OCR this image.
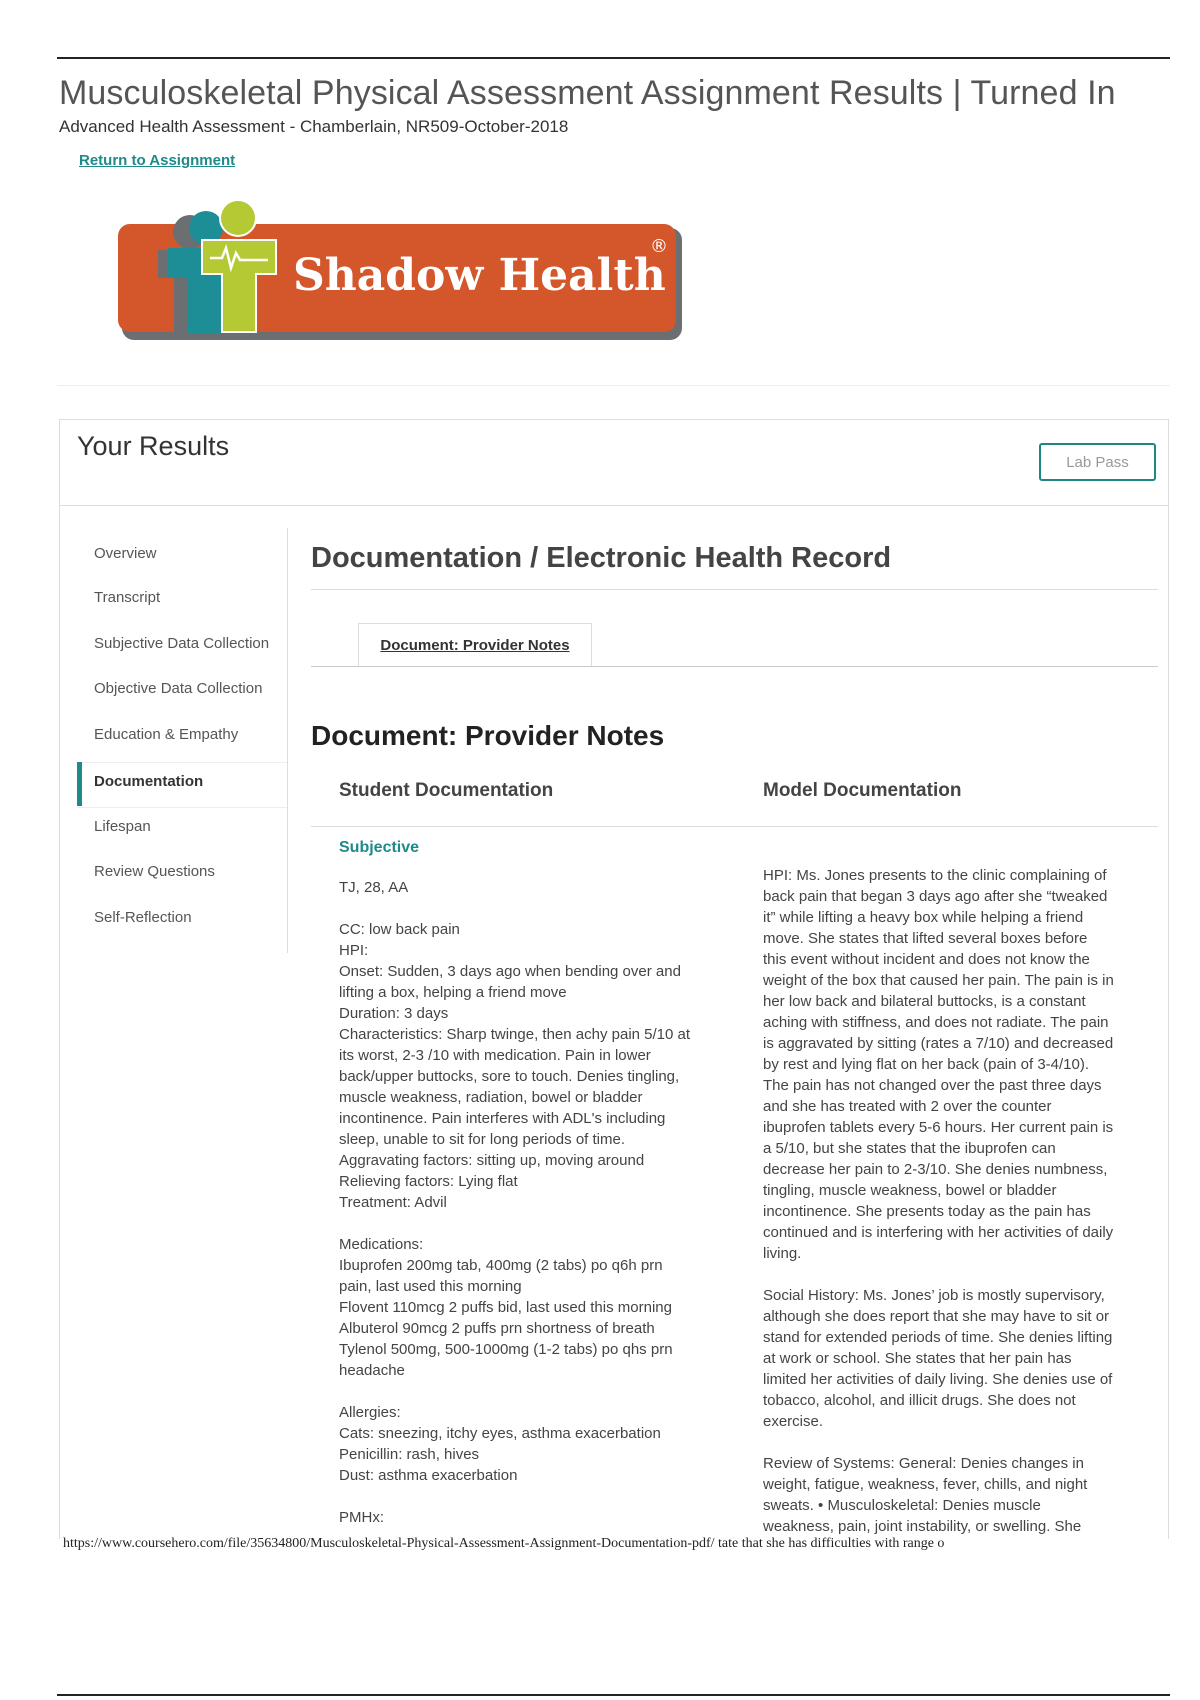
Musculoskeletal Physical Assessment Assignment Results | Turned In
Advanced Health Assessment - Chamberlain, NR509-October-2018
Return to Assignment
Shadow Health
®
Your Results
Lab Pass
Overview
Transcript
Subjective Data Collection
Objective Data Collection
Education & Empathy
Documentation
Lifespan
Review Questions
Self-Reflection
Documentation / Electronic Health Record
Document: Provider Notes
Document: Provider Notes
Student Documentation	Model Documentation
Subjective
TJ, 28, AA
CC: low back pain
HPI:
Onset: Sudden, 3 days ago when bending over and
lifting a box, helping a friend move
Duration: 3 days
Characteristics: Sharp twinge, then achy pain 5/10 at
its worst, 2-3 /10 with medication. Pain in lower
back/upper buttocks, sore to touch. Denies tingling,
muscle weakness, radiation, bowel or bladder
incontinence. Pain interferes with ADL's including
sleep, unable to sit for long periods of time.
Aggravating factors: sitting up, moving around
Relieving factors: Lying flat
Treatment: Advil
Medications:
Ibuprofen 200mg tab, 400mg (2 tabs) po q6h prn
pain, last used this morning
Flovent 110mcg 2 puffs bid, last used this morning
Albuterol 90mcg 2 puffs prn shortness of breath
Tylenol 500mg, 500-1000mg (1-2 tabs) po qhs prn
headache
Allergies:
Cats: sneezing, itchy eyes, asthma exacerbation
Penicillin: rash, hives
Dust: asthma exacerbation
PMHx:
HPI: Ms. Jones presents to the clinic complaining of
back pain that began 3 days ago after she “tweaked
it” while lifting a heavy box while helping a friend
move. She states that lifted several boxes before
this event without incident and does not know the
weight of the box that caused her pain. The pain is in
her low back and bilateral buttocks, is a constant
aching with stiffness, and does not radiate. The pain
is aggravated by sitting (rates a 7/10) and decreased
by rest and lying flat on her back (pain of 3-4/10).
The pain has not changed over the past three days
and she has treated with 2 over the counter
ibuprofen tablets every 5-6 hours. Her current pain is
a 5/10, but she states that the ibuprofen can
decrease her pain to 2-3/10. She denies numbness,
tingling, muscle weakness, bowel or bladder
incontinence. She presents today as the pain has
continued and is interfering with her activities of daily
living.
Social History: Ms. Jones’ job is mostly supervisory,
although she does report that she may have to sit or
stand for extended periods of time. She denies lifting
at work or school. She states that her pain has
limited her activities of daily living. She denies use of
tobacco, alcohol, and illicit drugs. She does not
exercise.
Review of Systems: General: Denies changes in
weight, fatigue, weakness, fever, chills, and night
sweats. • Musculoskeletal: Denies muscle
weakness, pain, joint instability, or swelling. She
https://www.coursehero.com/file/35634800/Musculoskeletal-Physical-Assessment-Assignment-Documentation-pdf/ tate that she has difficulties with range o
